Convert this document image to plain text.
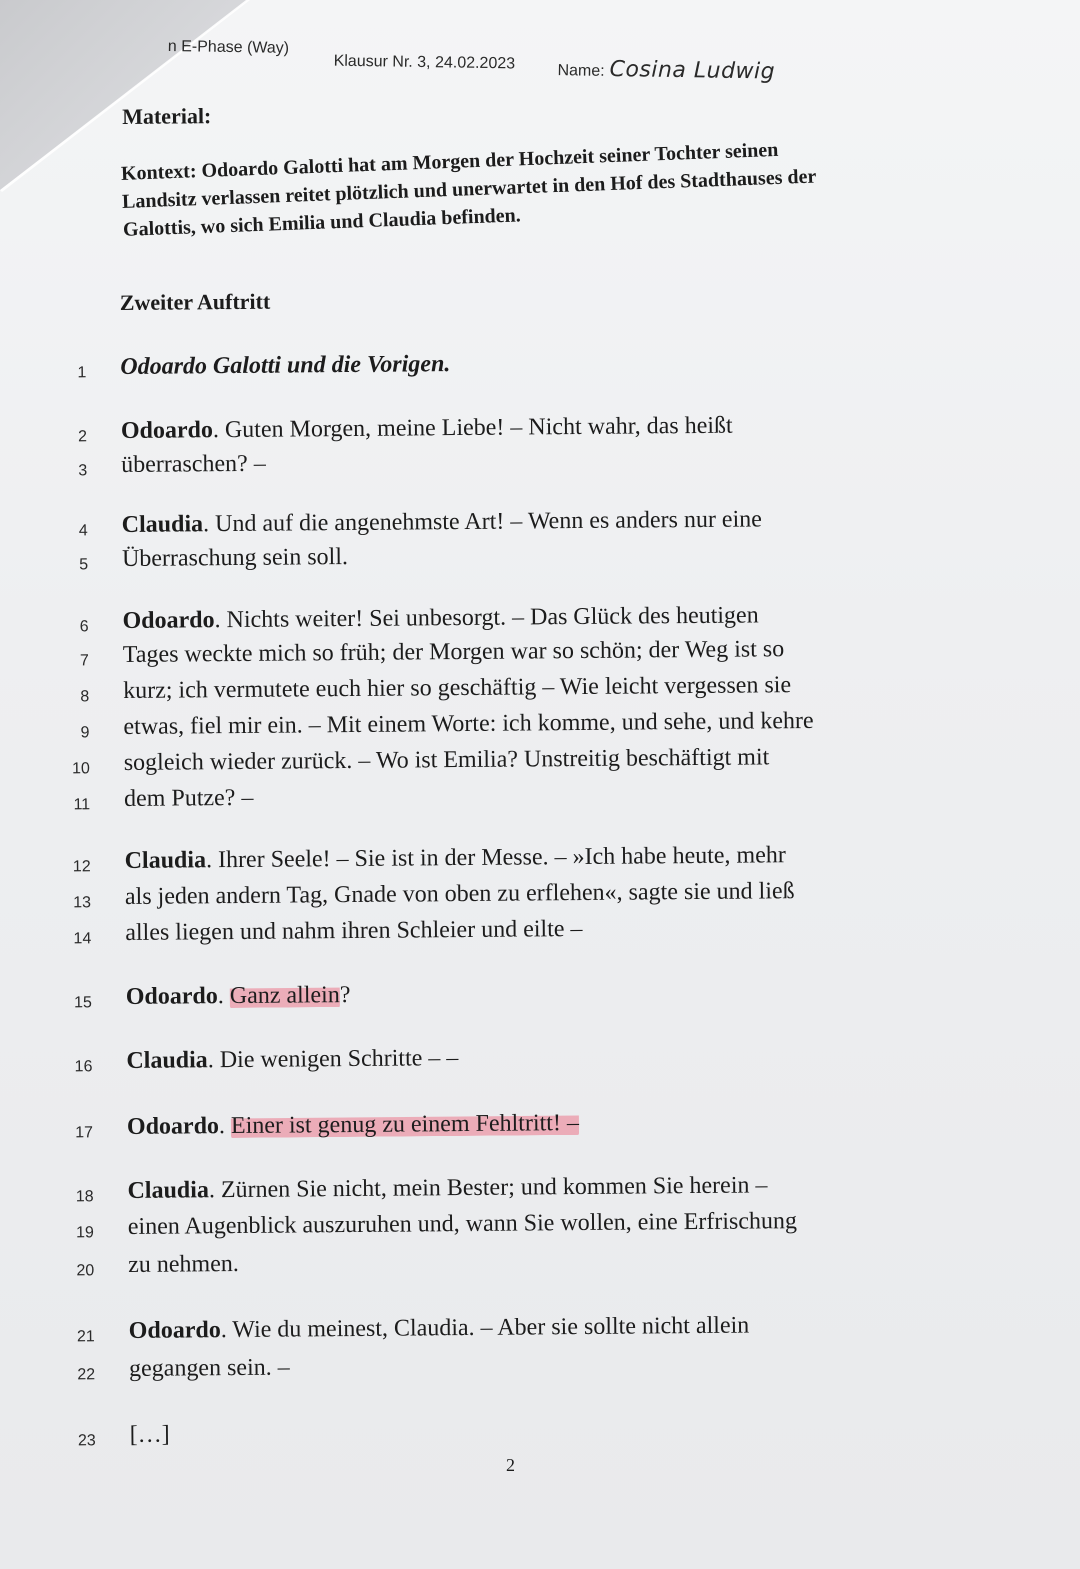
n E-Phase (Way)
Klausur Nr. 3, 24.02.2023	Name: Cosina Ludwig
Material:
Kontext: Odoardo Galotti hat am Morgen der Hochzeit seiner Tochter seinen Landsitz verlassen reitet plötzlich und unerwartet in den Hof des Stadthauses der Galottis, wo sich Emilia und Claudia befinden.
Zweiter Auftritt
1 Odoardo Galotti und die Vorigen.
2 Odoardo. Guten Morgen, meine Liebe! – Nicht wahr, das heißt
3 überraschen? –
4 Claudia. Und auf die angenehmste Art! – Wenn es anders nur eine
5 Überraschung sein soll.
6 Odoardo. Nichts weiter! Sei unbesorgt. – Das Glück des heutigen
7 Tages weckte mich so früh; der Morgen war so schön; der Weg ist so
8 kurz; ich vermutete euch hier so geschäftig – Wie leicht vergessen sie
9 etwas, fiel mir ein. – Mit einem Worte: ich komme, und sehe, und kehre
10 sogleich wieder zurück. – Wo ist Emilia? Unstreitig beschäftigt mit
11 dem Putze? –
12 Claudia. Ihrer Seele! – Sie ist in der Messe. – »Ich habe heute, mehr
13 als jeden andern Tag, Gnade von oben zu erflehen«, sagte sie und ließ
14 alles liegen und nahm ihren Schleier und eilte –
15 Odoardo. Ganz allein?
16 Claudia. Die wenigen Schritte – –
17 Odoardo. Einer ist genug zu einem Fehltritt! –
18 Claudia. Zürnen Sie nicht, mein Bester; und kommen Sie herein –
19 einen Augenblick auszuruhen und, wann Sie wollen, eine Erfrischung
20 zu nehmen.
21 Odoardo. Wie du meinest, Claudia. – Aber sie sollte nicht allein
22 gegangen sein. –
23 […]
2
